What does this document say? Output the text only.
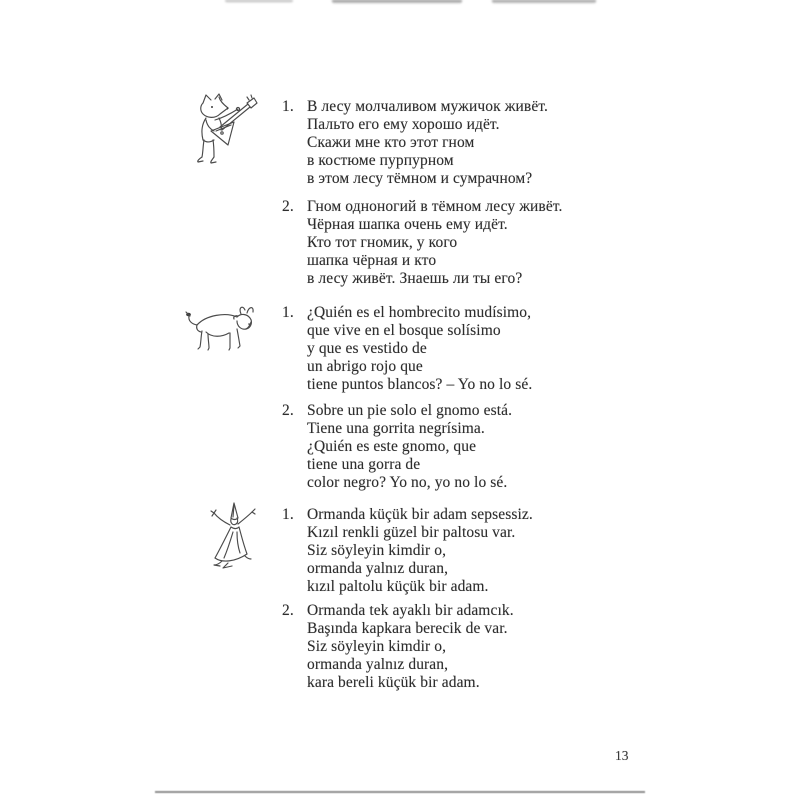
1. В лесу молчаливом мужичок живёт.
Пальто его ему хорошо идёт.
Скажи мне кто этот гном
в костюме пурпурном
в этом лесу тёмном и сумрачном?
2. Гном одноногий в тёмном лесу живёт.
Чёрная шапка очень ему идёт.
Кто тот гномик, у кого
шапка чёрная и кто
в лесу живёт. Знаешь ли ты его?
1. ¿Quién es el hombrecito mudísimo,
que vive en el bosque solísimo
y que es vestido de
un abrigo rojo que
tiene puntos blancos? – Yo no lo sé.
2. Sobre un pie solo el gnomo está.
Tiene una gorrita negrísima.
¿Quién es este gnomo, que
tiene una gorra de
color negro? Yo no, yo no lo sé.
1. Ormanda küçük bir adam sepsessiz.
Kızıl renkli güzel bir paltosu var.
Siz söyleyin kimdir o,
ormanda yalnız duran,
kızıl paltolu küçük bir adam.
2. Ormanda tek ayaklı bir adamcık.
Başında kapkara berecik de var.
Siz söyleyin kimdir o,
ormanda yalnız duran,
kara bereli küçük bir adam.
13
